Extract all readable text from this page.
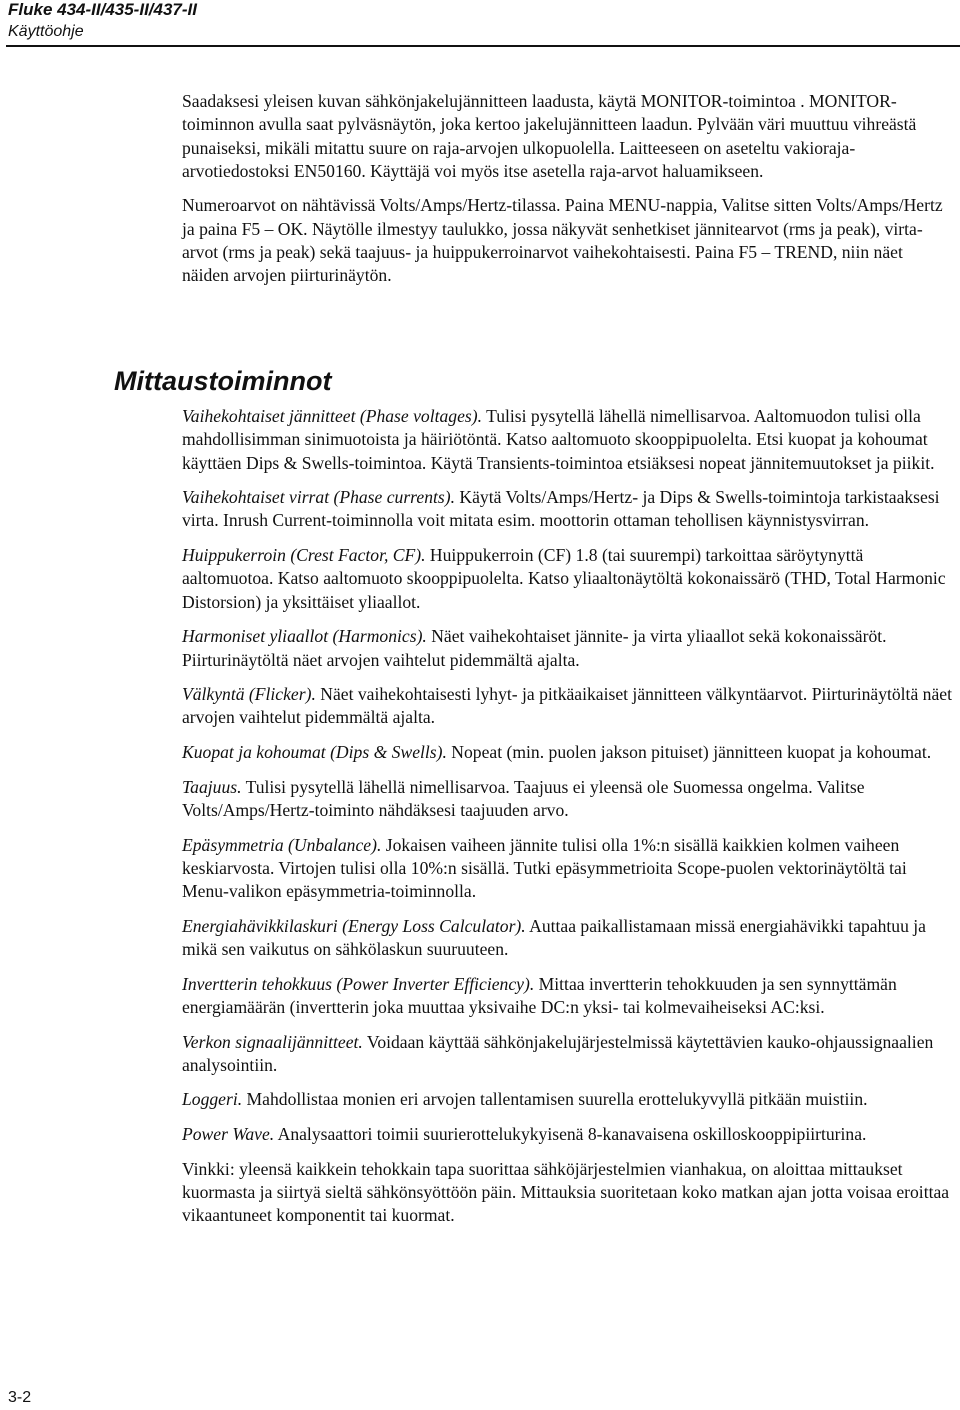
Fluke 434-II/435-II/437-II
Käyttöohje

Saadaksesi yleisen kuvan sähkönjakelujännitteen laadusta, käytä MONITOR-toimintoa . MONITOR-toiminnon avulla saat pylväsnäytön, joka kertoo jakelujännitteen laadun. Pylvään väri muuttuu vihreästä punaiseksi, mikäli mitattu suure on raja-arvojen ulkopuolella. Laitteeseen on aseteltu vakioraja-arvotiedostoksi EN50160. Käyttäjä voi myös itse asetella raja-arvot haluamikseen.

Numeroarvot on nähtävissä Volts/Amps/Hertz-tilassa. Paina MENU-nappia, Valitse sitten Volts/Amps/Hertz ja paina F5 – OK. Näytölle ilmestyy taulukko, jossa näkyvät senhetkiset jännitearvot (rms ja peak), virta-arvot (rms ja peak) sekä taajuus- ja huippukerroinarvot vaihekohtaisesti. Paina F5 – TREND, niin näet näiden arvojen piirturinäytön.

Mittaustoiminnot

Vaihekohtaiset jännitteet (Phase voltages). Tulisi pysytellä lähellä nimellisarvoa. Aaltomuodon tulisi olla mahdollisimman sinimuotoista ja häiriötöntä. Katso aaltomuoto skooppipuolelta. Etsi kuopat ja kohoumat käyttäen Dips & Swells-toimintoa. Käytä Transients-toimintoa etsiäksesi nopeat jännitemuutokset ja piikit.

Vaihekohtaiset virrat (Phase currents). Käytä Volts/Amps/Hertz- ja Dips & Swells-toimintoja tarkistaaksesi virta. Inrush Current-toiminnolla voit mitata esim. moottorin ottaman tehollisen käynnistysvirran.

Huippukerroin (Crest Factor, CF). Huippukerroin (CF) 1.8 (tai suurempi) tarkoittaa säröytynyttä aaltomuotoa. Katso aaltomuoto skooppipuolelta. Katso yliaaltonäytöltä kokonaissärö (THD, Total Harmonic Distorsion) ja yksittäiset yliaallot.

Harmoniset yliaallot (Harmonics). Näet vaihekohtaiset jännite- ja virta yliaallot sekä kokonaissäröt. Piirturinäytöltä näet arvojen vaihtelut pidemmältä ajalta.

Välkyntä (Flicker). Näet vaihekohtaisesti lyhyt- ja pitkäaikaiset jännitteen välkyntäarvot. Piirturinäytöltä näet arvojen vaihtelut pidemmältä ajalta.

Kuopat ja kohoumat (Dips & Swells). Nopeat (min. puolen jakson pituiset) jännitteen kuopat ja kohoumat.

Taajuus. Tulisi pysytellä lähellä nimellisarvoa. Taajuus ei yleensä ole Suomessa ongelma. Valitse Volts/Amps/Hertz-toiminto nähdäksesi taajuuden arvo.

Epäsymmetria (Unbalance). Jokaisen vaiheen jännite tulisi olla 1%:n sisällä kaikkien kolmen vaiheen keskiarvosta. Virtojen tulisi olla 10%:n sisällä. Tutki epäsymmetrioita Scope-puolen vektorinäytöltä tai Menu-valikon epäsymmetria-toiminnolla.

Energiahävikkilaskuri (Energy Loss Calculator). Auttaa paikallistamaan missä energiahävikki tapahtuu ja mikä sen vaikutus on sähkölaskun suuruuteen.

Invertterin tehokkuus (Power Inverter Efficiency). Mittaa invertterin tehokkuuden ja sen synnyttämän energiamäärän (invertterin joka muuttaa yksivaihe DC:n yksi- tai kolmevaiheiseksi AC:ksi.

Verkon signaalijännitteet. Voidaan käyttää sähkönjakelujärjestelmissä käytettävien kauko-ohjaussignaalien analysointiin.

Loggeri. Mahdollistaa monien eri arvojen tallentamisen suurella erottelukyvyllä pitkään muistiin.

Power Wave. Analysaattori toimii suurierottelukykyisenä 8-kanavaisena oskilloskooppipiirturina.

Vinkki: yleensä kaikkein tehokkain tapa suorittaa sähköjärjestelmien vianhakua, on aloittaa mittaukset kuormasta ja siirtyä sieltä sähkönsyöttöön päin. Mittauksia suoritetaan koko matkan ajan jotta voisaa eroittaa vikaantuneet komponentit tai kuormat.

3-2
